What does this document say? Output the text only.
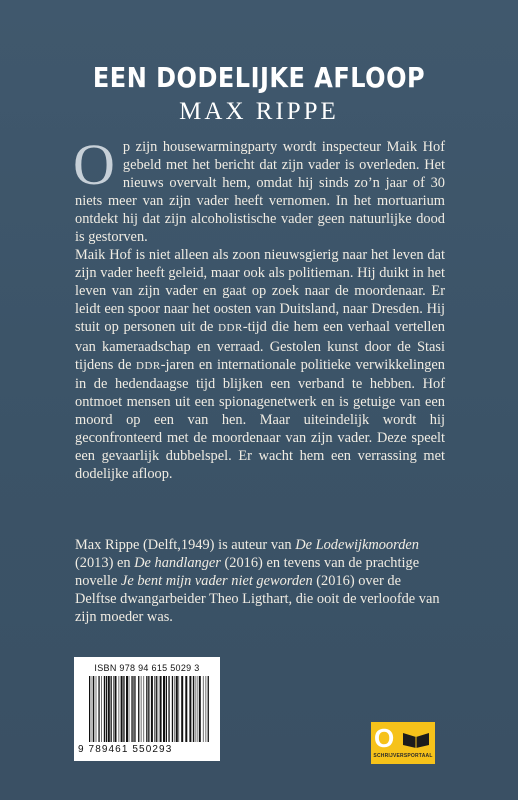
EEN DODELIJKE AFLOOP
MAX RIPPE

Op zijn housewarmingparty wordt inspecteur Maik Hof gebeld met het bericht dat zijn vader is overleden. Het nieuws overvalt hem, omdat hij sinds zo’n jaar of 30 niets meer van zijn vader heeft vernomen. In het mortuarium ontdekt hij dat zijn alcoholistische vader geen natuurlijke dood is gestorven.

Maik Hof is niet alleen als zoon nieuwsgierig naar het leven dat zijn vader heeft geleid, maar ook als politieman. Hij duikt in het leven van zijn vader en gaat op zoek naar de moordenaar. Er leidt een spoor naar het oosten van Duitsland, naar Dresden. Hij stuit op personen uit de DDR-tijd die hem een verhaal vertellen van kameraadschap en verraad. Gestolen kunst door de Stasi tijdens de DDR-jaren en internationale politieke verwikkelingen in de hedendaagse tijd blijken een verband te hebben. Hof ontmoet mensen uit een spionagenetwerk en is getuige van een moord op een van hen. Maar uiteindelijk wordt hij geconfronteerd met de moordenaar van zijn vader. Deze speelt een gevaarlijk dubbelspel. Er wacht hem een verrassing met dodelijke afloop.

Max Rippe (Delft,1949) is auteur van De Lodewijkmoorden (2013) en De handlanger (2016) en tevens van de prachtige novelle Je bent mijn vader niet geworden (2016) over de Delftse dwangarbeider Theo Ligthart, die ooit de verloofde van zijn moeder was.
ISBN 978 94 615 5029 3
9 789461 550293	O
SCHRIJVERSPORTAAL
